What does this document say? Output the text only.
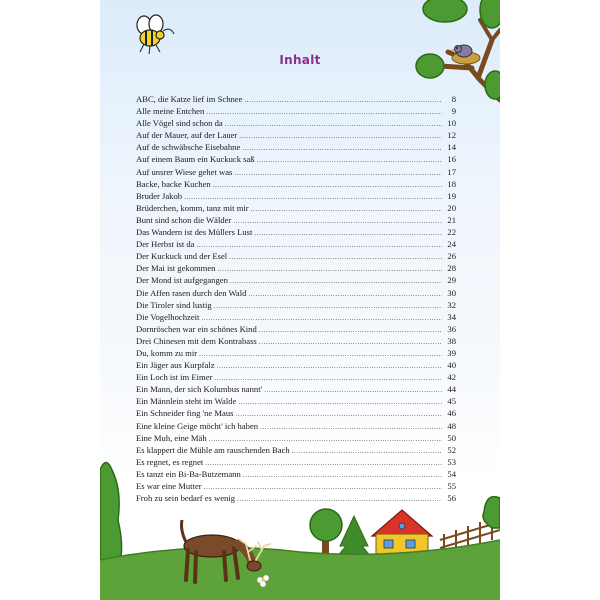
Inhalt
ABC, die Katze lief im Schnee .....	8
Alle meine Entchen .....	9
Alle Vögel sind schon da .....	10
Auf der Mauer, auf der Lauer .....	12
Auf de schwäbsche Eisebahne .....	14
Auf einem Baum ein Kuckuck saß .....	16
Auf unsrer Wiese gehet was .....	17
Backe, backe Kuchen .....	18
Bruder Jakob .....	19
Brüderchen, komm, tanz mit mir .....	20
Bunt sind schon die Wälder .....	21
Das Wandern ist des Müllers Lust .....	22
Der Herbst ist da .....	24
Der Kuckuck und der Esel .....	26
Der Mai ist gekommen .....	28
Der Mond ist aufgegangen .....	29
Die Affen rasen durch den Wald .....	30
Die Tiroler sind lustig .....	32
Die Vogelhochzeit .....	34
Dornröschen war ein schönes Kind .....	36
Drei Chinesen mit dem Kontrabass .....	38
Du, komm zu mir .....	39
Ein Jäger aus Kurpfalz .....	40
Ein Loch ist im Eimer .....	42
Ein Mann, der sich Kolumbus nannt' .....	44
Ein Männlein steht im Walde .....	45
Ein Schneider fing 'ne Maus .....	46
Eine kleine Geige möcht' ich haben .....	48
Eine Muh, eine Mäh .....	50
Es klappert die Mühle am rauschenden Bach .....	52
Es regnet, es regnet .....	53
Es tanzt ein Bi-Ba-Butzemann .....	54
Es war eine Mutter .....	55
Froh zu sein bedarf es wenig .....	56
